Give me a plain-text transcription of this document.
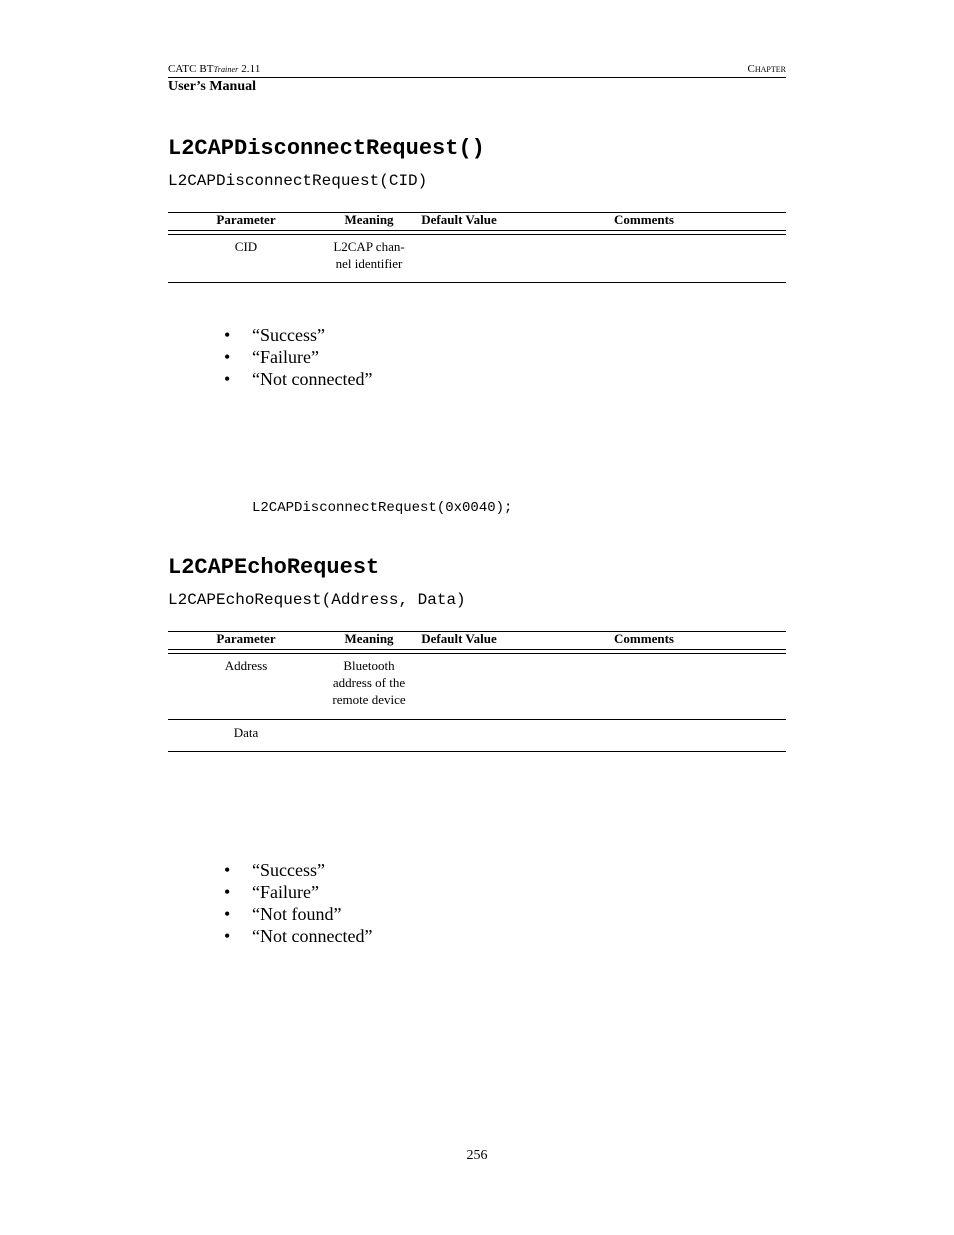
CATC BTTrainer 2.11	CHAPTER
User’s Manual
L2CAPDisconnectRequest()
L2CAPDisconnectRequest(CID)
Parameter	Meaning	Default Value	Comments
CID	L2CAP chan-
nel identifier
• “Success”
• “Failure”
• “Not connected”
L2CAPDisconnectRequest(0x0040);
L2CAPEchoRequest
L2CAPEchoRequest(Address, Data)
Parameter	Meaning	Default Value	Comments
Address	Bluetooth
address of the
remote device
Data
• “Success”
• “Failure”
• “Not found”
• “Not connected”
256
